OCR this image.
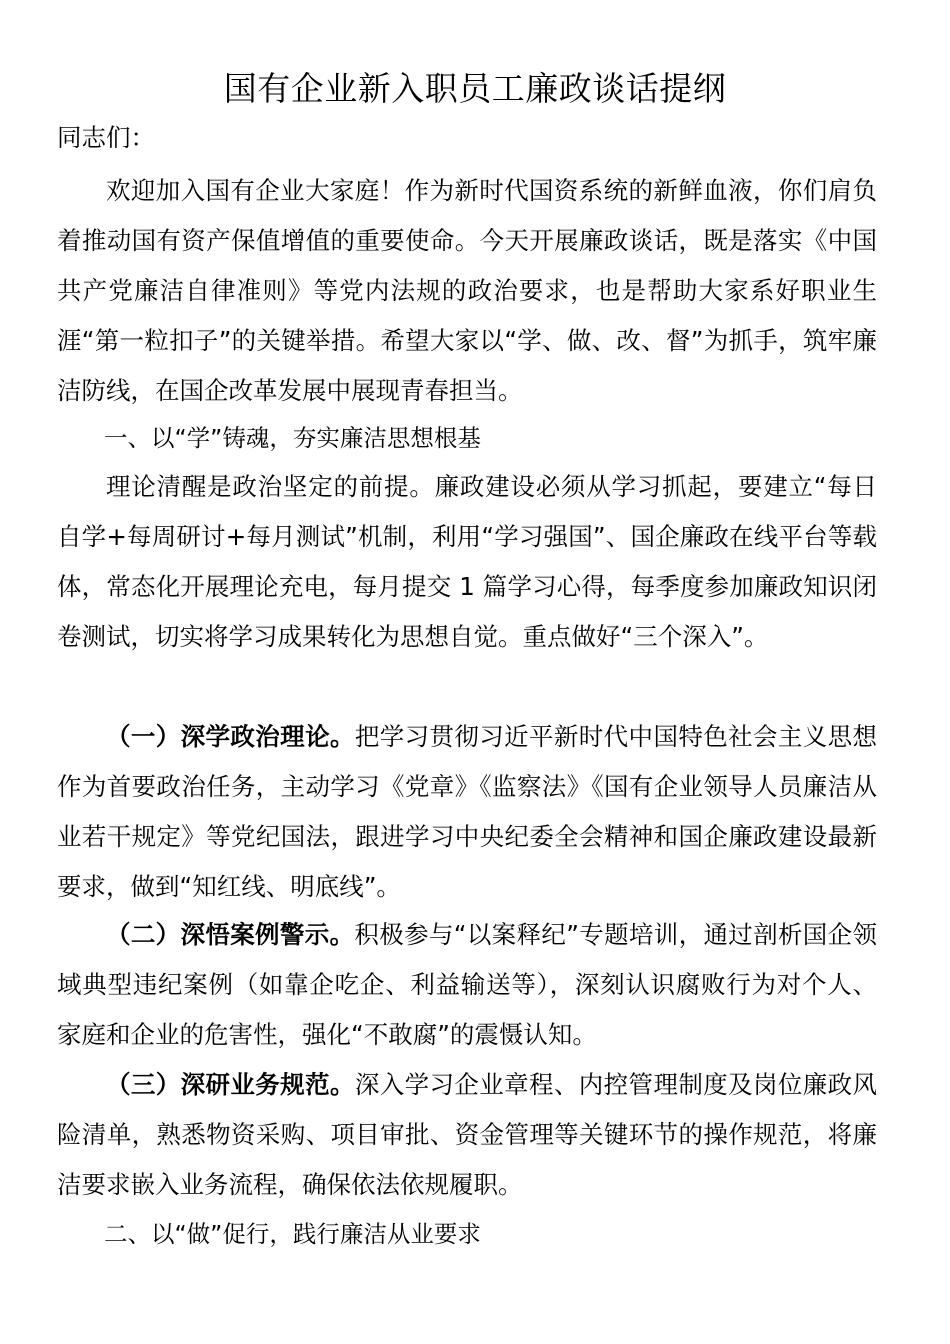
国有企业新入职员工廉政谈话提纲
同志们：
欢迎加入国有企业大家庭！作为新时代国资系统的新鲜血液，你们肩负着推动国有资产保值增值的重要使命。今天开展廉政谈话，既是落实《中国共产党廉洁自律准则》等党内法规的政治要求，也是帮助大家系好职业生涯“第一粒扣子”的关键举措。希望大家以“学、做、改、督”为抓手，筑牢廉洁防线，在国企改革发展中展现青春担当。
一、以“学”铸魂，夯实廉洁思想根基
理论清醒是政治坚定的前提。廉政建设必须从学习抓起，要建立“每日自学+每周研讨+每月测试”机制，利用“学习强国”、国企廉政在线平台等载体，常态化开展理论充电，每月提交 1 篇学习心得，每季度参加廉政知识闭卷测试，切实将学习成果转化为思想自觉。重点做好“三个深入”。
（一）深学政治理论。把学习贯彻习近平新时代中国特色社会主义思想作为首要政治任务，主动学习《党章》《监察法》《国有企业领导人员廉洁从业若干规定》等党纪国法，跟进学习中央纪委全会精神和国企廉政建设最新要求，做到“知红线、明底线”。
（二）深悟案例警示。积极参与“以案释纪”专题培训，通过剖析国企领域典型违纪案例（如靠企吃企、利益输送等），深刻认识腐败行为对个人、家庭和企业的危害性，强化“不敢腐”的震慑认知。
（三）深研业务规范。深入学习企业章程、内控管理制度及岗位廉政风险清单，熟悉物资采购、项目审批、资金管理等关键环节的操作规范，将廉洁要求嵌入业务流程，确保依法依规履职。
二、以“做”促行，践行廉洁从业要求
